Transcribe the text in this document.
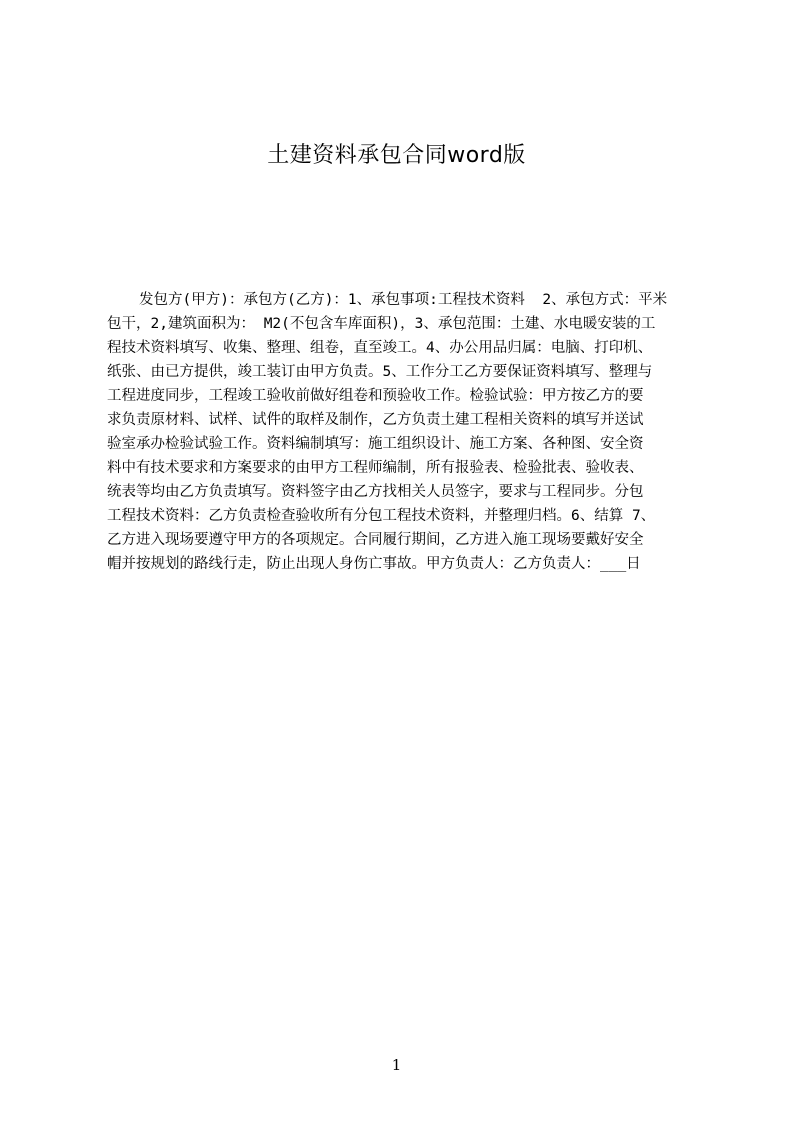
土建资料承包合同word版
发包方(甲方)：承包方(乙方)：1、承包事项:工程技术资料  2、承包方式：平米
包干，2,建筑面积为： M2(不包含车库面积)，3、承包范围：土建、水电暖安装的工
程技术资料填写、收集、整理、组卷，直至竣工。4、办公用品归属：电脑、打印机、
纸张、由已方提供，竣工装订由甲方负责。5、工作分工乙方要保证资料填写、整理与
工程进度同步，工程竣工验收前做好组卷和预验收工作。检验试验：甲方按乙方的要
求负责原材料、试样、试件的取样及制作，乙方负责土建工程相关资料的填写并送试
验室承办检验试验工作。资料编制填写：施工组织设计、施工方案、各种图、安全资
料中有技术要求和方案要求的由甲方工程师编制，所有报验表、检验批表、验收表、
统表等均由乙方负责填写。资料签字由乙方找相关人员签字，要求与工程同步。分包
工程技术资料：乙方负责检查验收所有分包工程技术资料，并整理归档。6、结算 7、
乙方进入现场要遵守甲方的各项规定。合同履行期间，乙方进入施工现场要戴好安全
帽并按规划的路线行走，防止出现人身伤亡事故。甲方负责人：乙方负责人：___日
1
